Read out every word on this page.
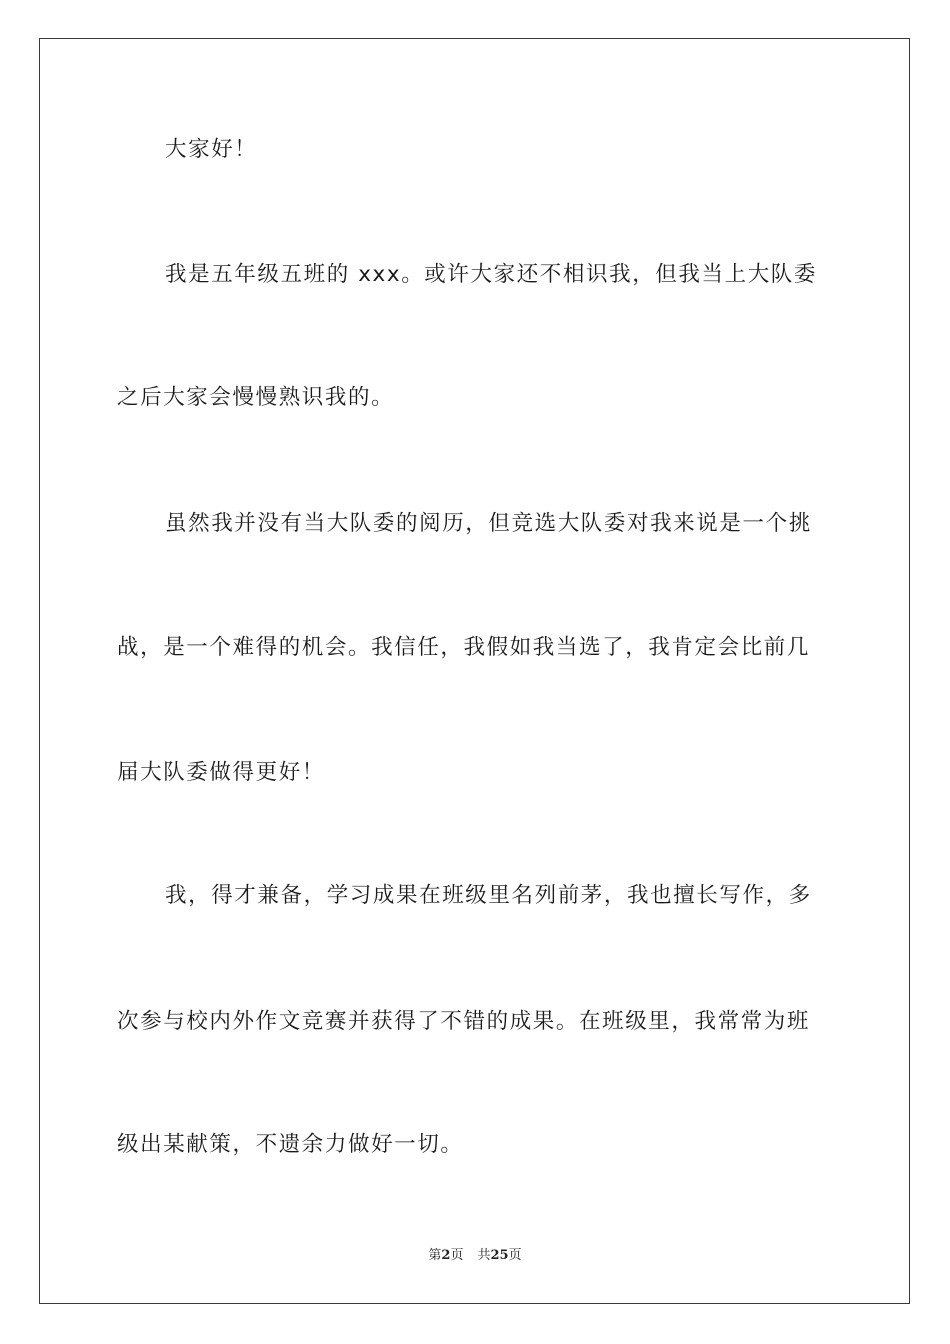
大家好！
我是五年级五班的 xxx。或许大家还不相识我，但我当上大队委
之后大家会慢慢熟识我的。
虽然我并没有当大队委的阅历，但竞选大队委对我来说是一个挑
战，是一个难得的机会。我信任，我假如我当选了，我肯定会比前几
届大队委做得更好！
我，得才兼备，学习成果在班级里名列前茅，我也擅长写作，多
次参与校内外作文竞赛并获得了不错的成果。在班级里，我常常为班
级出某献策，不遗余力做好一切。
第2页 共25页
